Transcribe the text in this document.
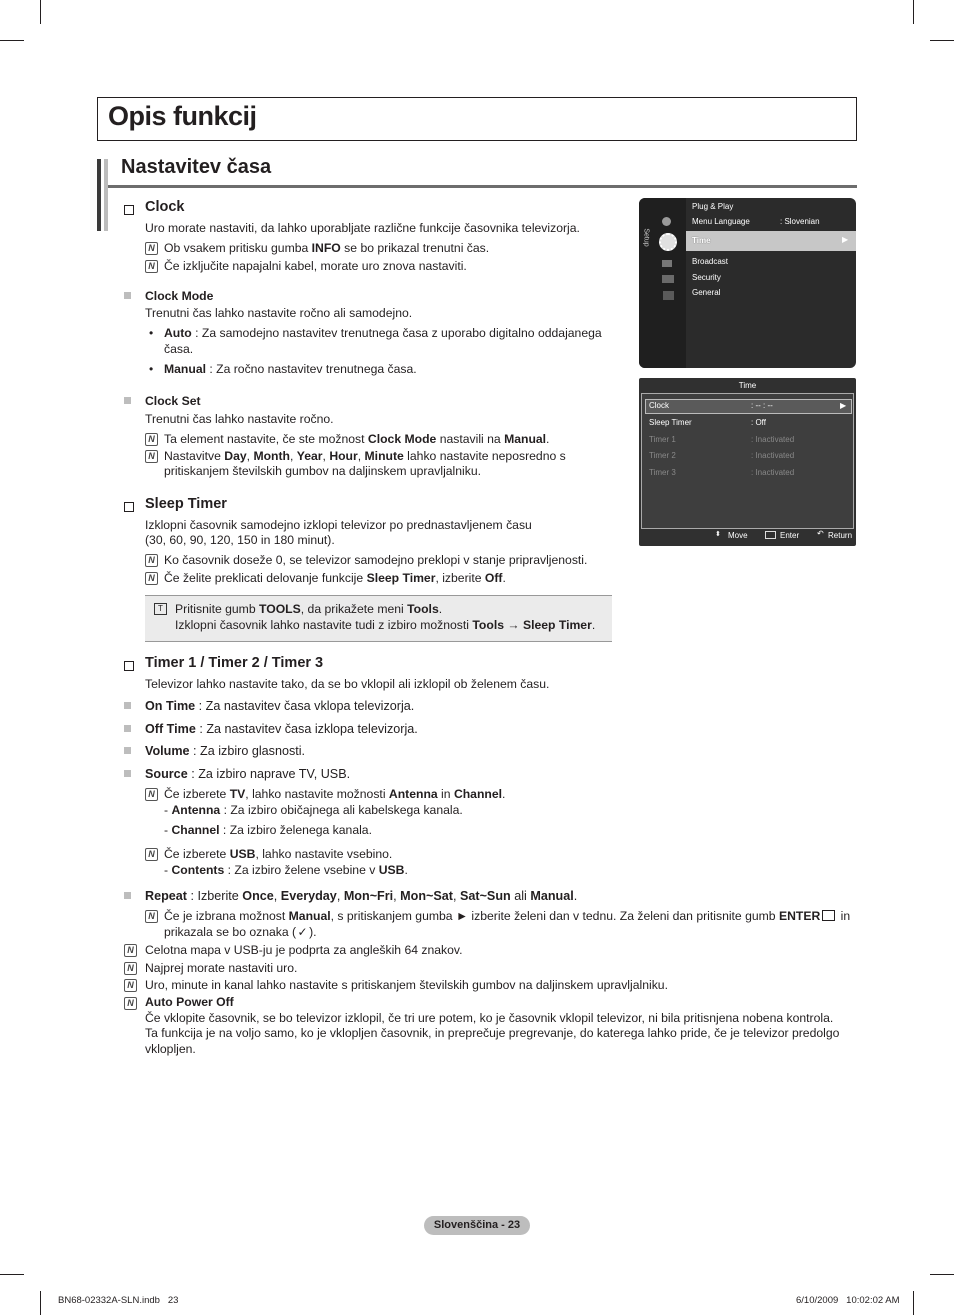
Opis funkcij
Nastavitev časa
Clock
Uro morate nastaviti, da lahko uporabljate različne funkcije časovnika televizorja.
N Ob vsakem pritisku gumba INFO se bo prikazal trenutni čas.
N Če izključite napajalni kabel, morate uro znova nastaviti.
Clock Mode
Trenutni čas lahko nastavite ročno ali samodejno.
• Auto : Za samodejno nastavitev trenutnega časa z uporabo digitalno oddajanega
časa.
• Manual : Za ročno nastavitev trenutnega časa.
Clock Set
Trenutni čas lahko nastavite ročno.
N Ta element nastavite, če ste možnost Clock Mode nastavili na Manual.
N Nastavitve Day, Month, Year, Hour, Minute lahko nastavite neposredno s
pritiskanjem številskih gumbov na daljinskem upravljalniku.
Sleep Timer
Izklopni časovnik samodejno izklopi televizor po prednastavljenem času
(30, 60, 90, 120, 150 in 180 minut).
N Ko časovnik doseže 0, se televizor samodejno preklopi v stanje pripravljenosti.
N Če želite preklicati delovanje funkcije Sleep Timer, izberite Off.
T Pritisnite gumb TOOLS, da prikažete meni Tools.
Izklopni časovnik lahko nastavite tudi z izbiro možnosti Tools → Sleep Timer.
Timer 1 / Timer 2 / Timer 3
Televizor lahko nastavite tako, da se bo vklopil ali izklopil ob želenem času.
On Time : Za nastavitev časa vklopa televizorja.
Off Time : Za nastavitev časa izklopa televizorja.
Volume : Za izbiro glasnosti.
Source : Za izbiro naprave TV, USB.
N Če izberete TV, lahko nastavite možnosti Antenna in Channel.
- Antenna : Za izbiro običajnega ali kabelskega kanala.
- Channel : Za izbiro želenega kanala.
N Če izberete USB, lahko nastavite vsebino.
- Contents : Za izbiro želene vsebine v USB.
Repeat : Izberite Once, Everyday, Mon~Fri, Mon~Sat, Sat~Sun ali Manual.
N Če je izbrana možnost Manual, s pritiskanjem gumba ► izberite želeni dan v tednu. Za želeni dan pritisnite gumb ENTER in
prikazala se bo oznaka (✓).
N Celotna mapa v USB-ju je podprta za angleških 64 znakov.
N Najprej morate nastaviti uro.
N Uro, minute in kanal lahko nastavite s pritiskanjem številskih gumbov na daljinskem upravljalniku.
N Auto Power Off
Če vklopite časovnik, se bo televizor izklopil, če tri ure potem, ko je časovnik vklopil televizor, ni bila pritisnjena nobena kontrola.
Ta funkcija je na voljo samo, ko je vklopljen časovnik, in preprečuje pregrevanje, do katerega lahko pride, če je televizor predolgo
vklopljen.
Setup
Plug & Play
Menu Language	: Slovenian
Time	▶
Broadcast
Security
General
Time
Clock	: -- : --	▶
Sleep Timer	: Off
Timer 1	: Inactivated
Timer 2	: Inactivated
Timer 3	: Inactivated
⬍ Move	Enter ↶ Return
Slovenščina - 23
BN68-02332A-SLN.indb   23	6/10/2009   10:02:02 AM
